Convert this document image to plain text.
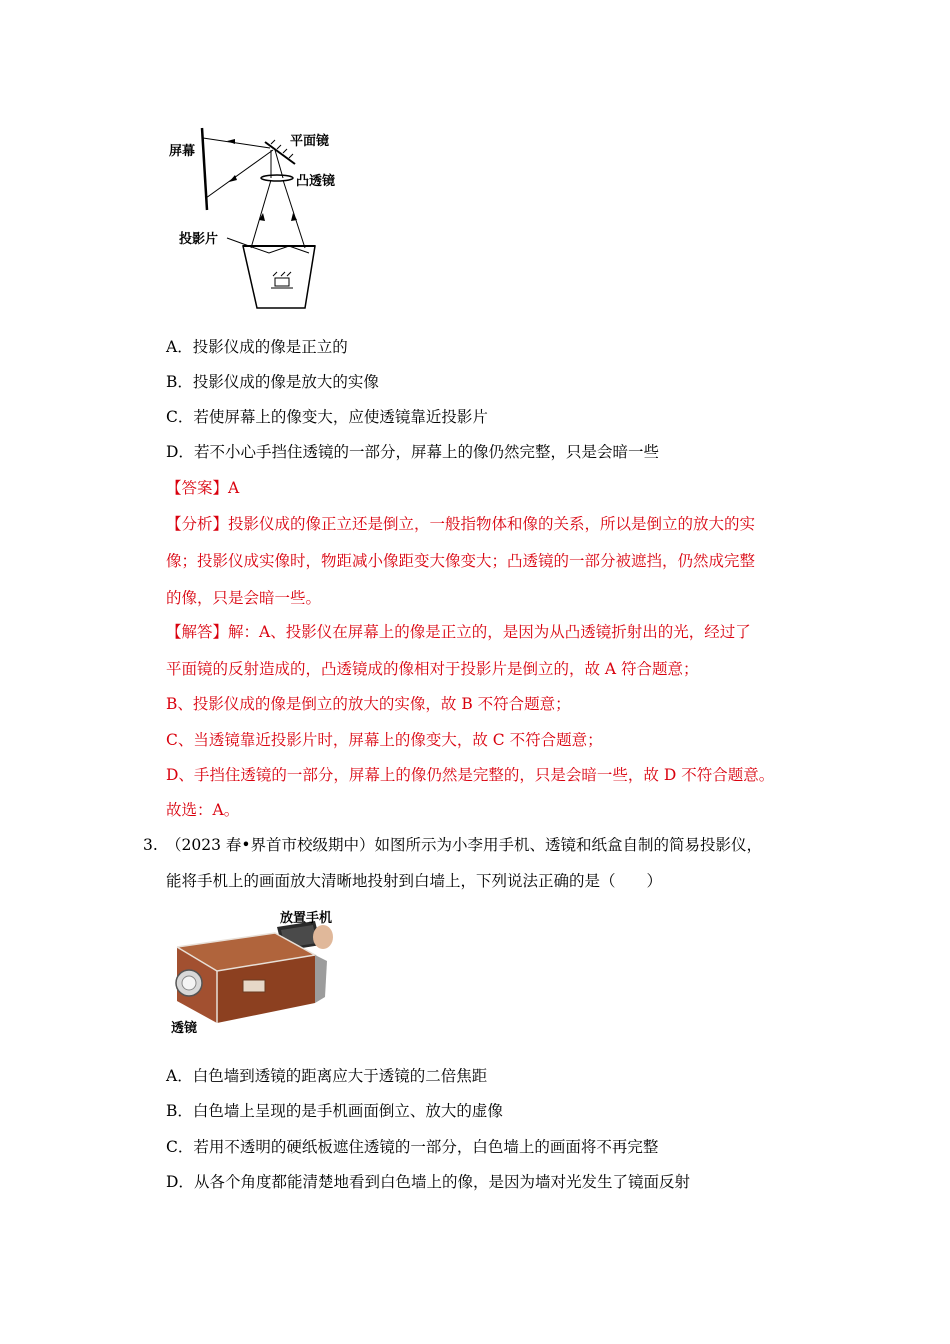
屏幕
平面镜
凸透镜
投影片
A．投影仪成的像是正立的
B．投影仪成的像是放大的实像
C．若使屏幕上的像变大，应使透镜靠近投影片
D．若不小心手挡住透镜的一部分，屏幕上的像仍然完整，只是会暗一些
【答案】A
【分析】投影仪成的像正立还是倒立，一般指物体和像的关系，所以是倒立的放大的实
像；投影仪成实像时，物距减小像距变大像变大；凸透镜的一部分被遮挡，仍然成完整
的像，只是会暗一些。
【解答】解：A、投影仪在屏幕上的像是正立的，是因为从凸透镜折射出的光，经过了
平面镜的反射造成的，凸透镜成的像相对于投影片是倒立的，故 A 符合题意；
B、投影仪成的像是倒立的放大的实像，故 B 不符合题意；
C、当透镜靠近投影片时，屏幕上的像变大，故 C 不符合题意；
D、手挡住透镜的一部分，屏幕上的像仍然是完整的，只是会暗一些，故 D 不符合题意。
故选：A。
3. （2023 春•界首市校级期中）如图所示为小李用手机、透镜和纸盒自制的简易投影仪，
能将手机上的画面放大清晰地投射到白墙上，下列说法正确的是（　　）
放置手机
透镜
A．白色墙到透镜的距离应大于透镜的二倍焦距
B．白色墙上呈现的是手机画面倒立、放大的虚像
C．若用不透明的硬纸板遮住透镜的一部分，白色墙上的画面将不再完整
D．从各个角度都能清楚地看到白色墙上的像，是因为墙对光发生了镜面反射
